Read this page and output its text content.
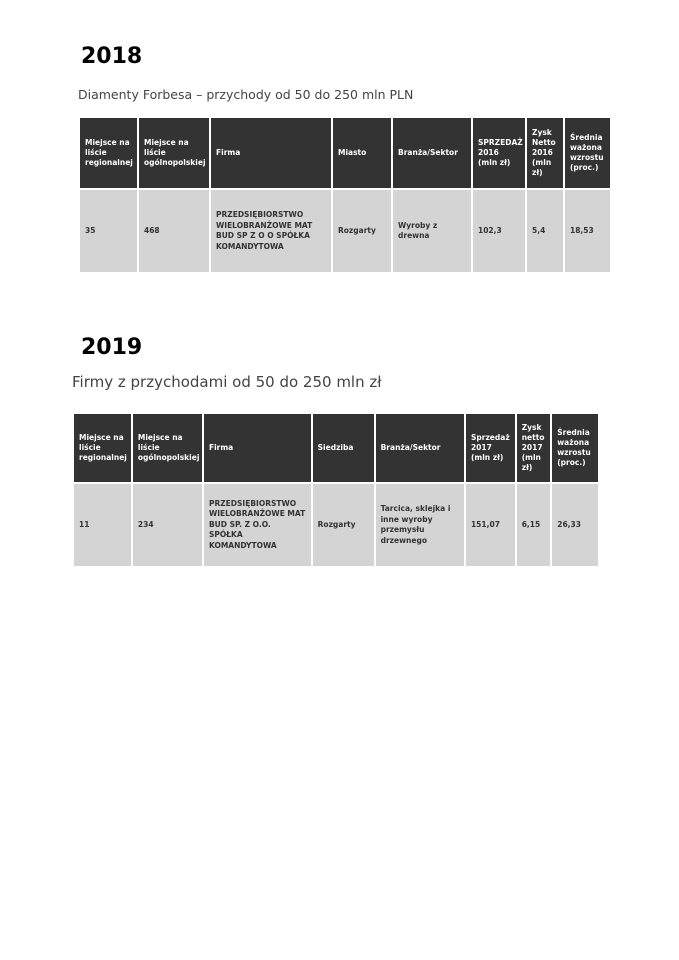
2018

Diamenty Forbesa – przychody od 50 do 250 mln PLN

Miejsce na liście regionalnej	Miejsce na liście ogólnopolskiej	Firma	Miasto	Branża/Sektor	SPRZEDAŻ 2016 (mln zł)	Zysk Netto 2016 (mln zł)	Średnia ważona wzrostu (proc.)
35	468	PRZEDSIĘBIORSTWO WIELOBRANŻOWE MAT BUD SP Z O O SPÓŁKA KOMANDYTOWA	Rozgarty	Wyroby z drewna	102,3	5,4	18,53
2019

Firmy z przychodami od 50 do 250 mln zł

Miejsce na liście regionalnej	Miejsce na liście ogólnopolskiej	Firma	Siedziba	Branża/Sektor	Sprzedaż 2017 (mln zł)	Zysk netto 2017 (mln zł)	Średnia ważona wzrostu (proc.)
11	234	PRZEDSIĘBIORSTWO WIELOBRANŻOWE MAT BUD SP. Z O.O. SPÓŁKA KOMANDYTOWA	Rozgarty	Tarcica, sklejka i inne wyroby przemysłu drzewnego	151,07	6,15	26,33
